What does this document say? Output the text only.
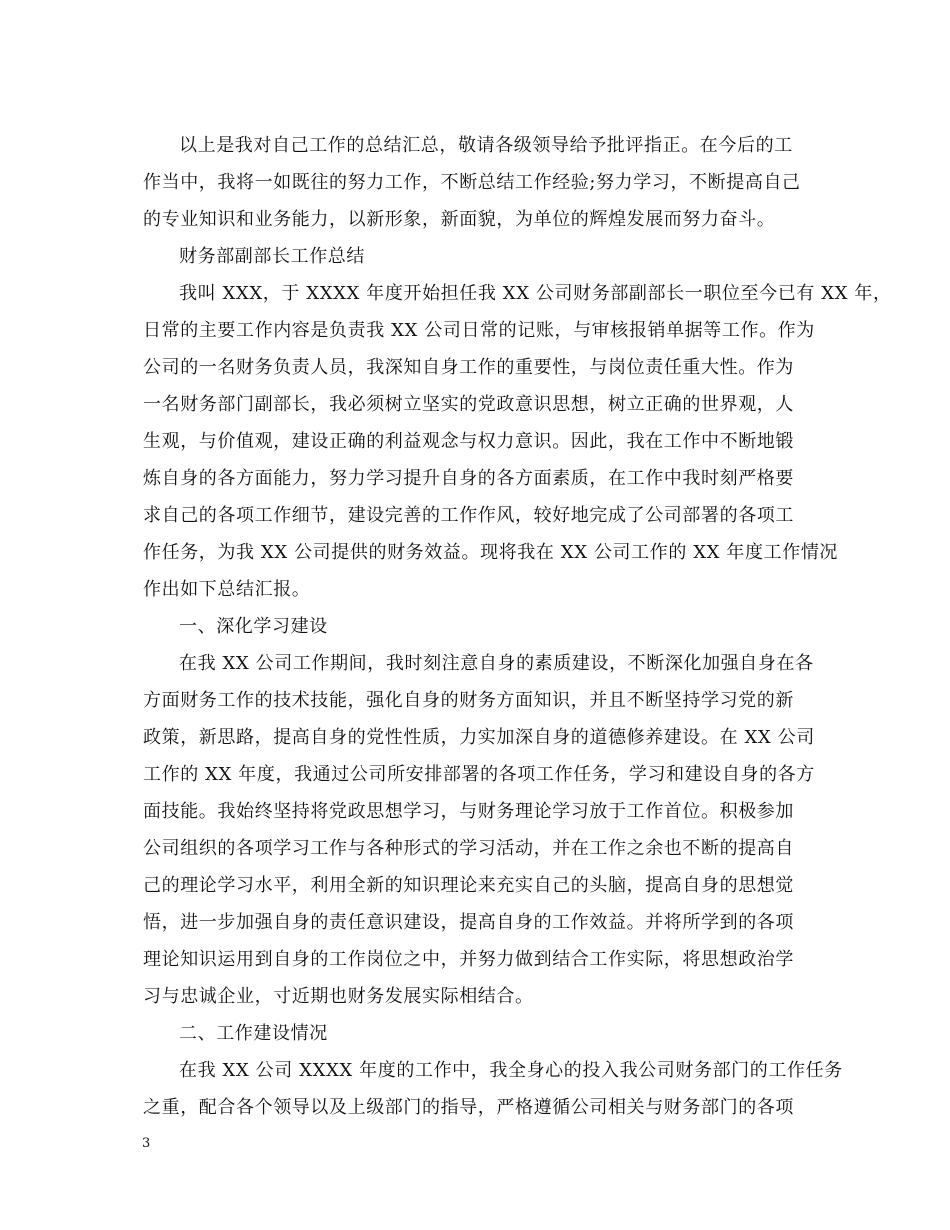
以上是我对自己工作的总结汇总，敬请各级领导给予批评指正。在今后的工
作当中，我将一如既往的努力工作，不断总结工作经验;努力学习，不断提高自己
的专业知识和业务能力，以新形象，新面貌，为单位的辉煌发展而努力奋斗。
财务部副部长工作总结
我叫 XXX，于 XXXX 年度开始担任我 XX 公司财务部副部长一职位至今已有 XX 年，
日常的主要工作内容是负责我 XX 公司日常的记账，与审核报销单据等工作。作为
公司的一名财务负责人员，我深知自身工作的重要性，与岗位责任重大性。作为
一名财务部门副部长，我必须树立坚实的党政意识思想，树立正确的世界观，人
生观，与价值观，建设正确的利益观念与权力意识。因此，我在工作中不断地锻
炼自身的各方面能力，努力学习提升自身的各方面素质，在工作中我时刻严格要
求自己的各项工作细节，建设完善的工作作风，较好地完成了公司部署的各项工
作任务，为我 XX 公司提供的财务效益。现将我在 XX 公司工作的 XX 年度工作情况
作出如下总结汇报。
一、深化学习建设
在我 XX 公司工作期间，我时刻注意自身的素质建设，不断深化加强自身在各
方面财务工作的技术技能，强化自身的财务方面知识，并且不断坚持学习党的新
政策，新思路，提高自身的党性性质，力实加深自身的道德修养建设。在 XX 公司
工作的 XX 年度，我通过公司所安排部署的各项工作任务，学习和建设自身的各方
面技能。我始终坚持将党政思想学习，与财务理论学习放于工作首位。积极参加
公司组织的各项学习工作与各种形式的学习活动，并在工作之余也不断的提高自
己的理论学习水平，利用全新的知识理论来充实自己的头脑，提高自身的思想觉
悟，进一步加强自身的责任意识建设，提高自身的工作效益。并将所学到的各项
理论知识运用到自身的工作岗位之中，并努力做到结合工作实际，将思想政治学
习与忠诚企业，寸近期也财务发展实际相结合。
二、工作建设情况
在我 XX 公司 XXXX 年度的工作中，我全身心的投入我公司财务部门的工作任务
之重，配合各个领导以及上级部门的指导，严格遵循公司相关与财务部门的各项
3
